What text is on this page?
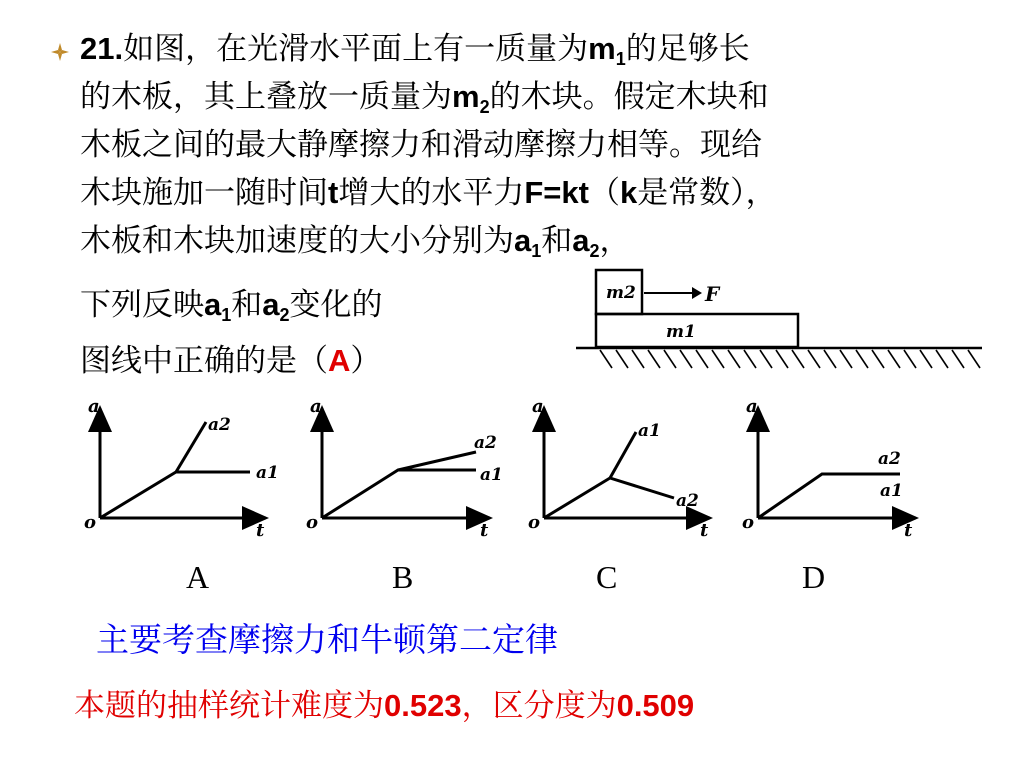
21.如图，在光滑水平面上有一质量为$m_1$的足够长
的木板，其上叠放一质量为$m_2$的木块。假定木块和
木板之间的最大静摩擦力和滑动摩擦力相等。现给
木块施加一随时间t增大的水平力F=kt（k是常数），
木板和木块加速度的大小分别为$a_1$和$a_2$，
下列反映$a_1$和$a_2$变化的
图线中正确的是（A）
m2	F
m1
a
o	t
a2
a1
A
a
o	t
a2
a1
B
a
o	t
a1
a2
C
a
o	t
a2
a1
D
主要考查摩擦力和牛顿第二定律
本题的抽样统计难度为0.523，区分度为0.509
